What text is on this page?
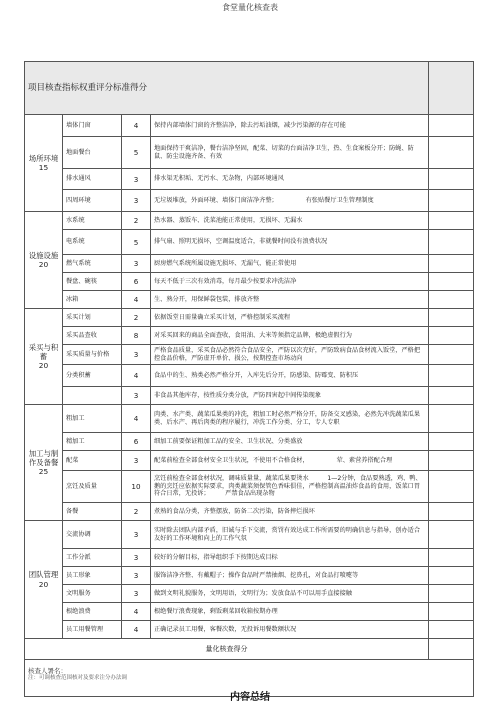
食堂量化核查表
项目核查指标权重评分标准得分				

场所环境
15	墙体门窗	4	保持内部墙体门窗的齐整洁净，除去污垢油烟，减少污染源的存在可能	
	地面餐台	5	地面保持干爽洁净，餐台洁净坚固，配菜、切菜的台面洁净卫生，热、生食案板分开；防蝇、防鼠、防尘设施齐备、有效	
	排水通风	3	排水渠无积垢、无污水、无杂物，内部环境通风	
	四周环境	3	无垃圾堆放，外面环境、墙体门窗洁净齐整；　　　　　有张贴餐厅卫生管理制度	

设施设施
20	水系统	2	热水器、蒸饭车、洗菜池能正常使用，无损坏、无漏水	
	电系统	5	排气扇、照明无损坏，空调温度适合，非就餐时间没有浪费状况	
	燃气系统	3	厨房燃气系统所属设施无损坏、无漏气，能正常使用	
	餐盘、碗筷	6	每天不低于三次有效消毒，每月最少按要求冲洗洁净	
	冰箱	4	生、熟分开，用保鲜袋包装，排放齐整	

采买与积蓄
20	采买计划	2	依据饭堂日需量确立采买计划，严格控制采买流程	
	采买品查收	8	对采买回来的商品全面查收，食用油、大米等须指定品牌，极绝虚假行为	
	采买质量与价格	3	严格食品质量，采买食品必然符合食品安全，严防以次充好，严防致病食品食材流入饭堂，严格把控食品价格，严防虚开单价、损公，按期控查市场动向	
	分类积蓄	4	食品中的生、熟类必然严格分开，入库先后分开，防感染、防霉变、防积压	
		3	非食品其他库存，按性质分类分放，严防四害起中间传染现象	

加工与制作及备餐
25	粗加工	4	肉类、水产类、蔬菜瓜果类的冲洗，粗加工时必然严格分开，防备交叉感染，必然先冲洗蔬菜瓜果类、后水产、再后肉类的程序履行，冲洗工作分类、分工，专人专职	
	精加工	6	细加工前要保证粗加工品的安全、卫生状况、分类盛放	
	配菜	3	配菜前检查全部食材安全卫生状况，不使用不合格食材，　　　　　荤、素营养搭配合理	
	烹饪及质量	10	烹饪前检查全部食材状况，调味质量量，蔬菜瓜果要烫水　　　1—2分钟，食品要熟透，鸡、鸭、鹅的烹饪应依据实际要求，肉类蔬菜须保管色香味俱佳，严格控制高温油炸食品的食用，饭菜口胃符合日常，无投诉；　　　严禁食品出现杂物	
	备餐	2	煮熟的食品分类，齐整摆放，防备二次污染，防备摔烂损坏	

团队管理
20	交流协调	3	实时除去团队内部矛盾，旧诚与手下交流，赏罚有效达成工作所需要的明确信息与指导，创办适合友好的工作环境和向上的工作气氛	
	工作分派	3	较好的分解目标，指导组织手下按期达成目标	
	员工形象	3	服饰洁净齐整、有戴帽子；操作食品时严禁抽烟、挖鼻孔，对食品打喷嚏等	
	文明服务	3	做到文明礼貌服务，文明用语，文明行为；发放食品不可以用手直接接触	
	根绝浪费	4	根绝餐厅浪费现象，剩饭剩菜回收箱按期办理	
	员工用餐管理	4	正确记录员工用餐，客餐次数，无投诉用餐数额状况	
量化核查得分				

核查人署名：
注：可调核查范围核对及要求注分办法调
内容总结
